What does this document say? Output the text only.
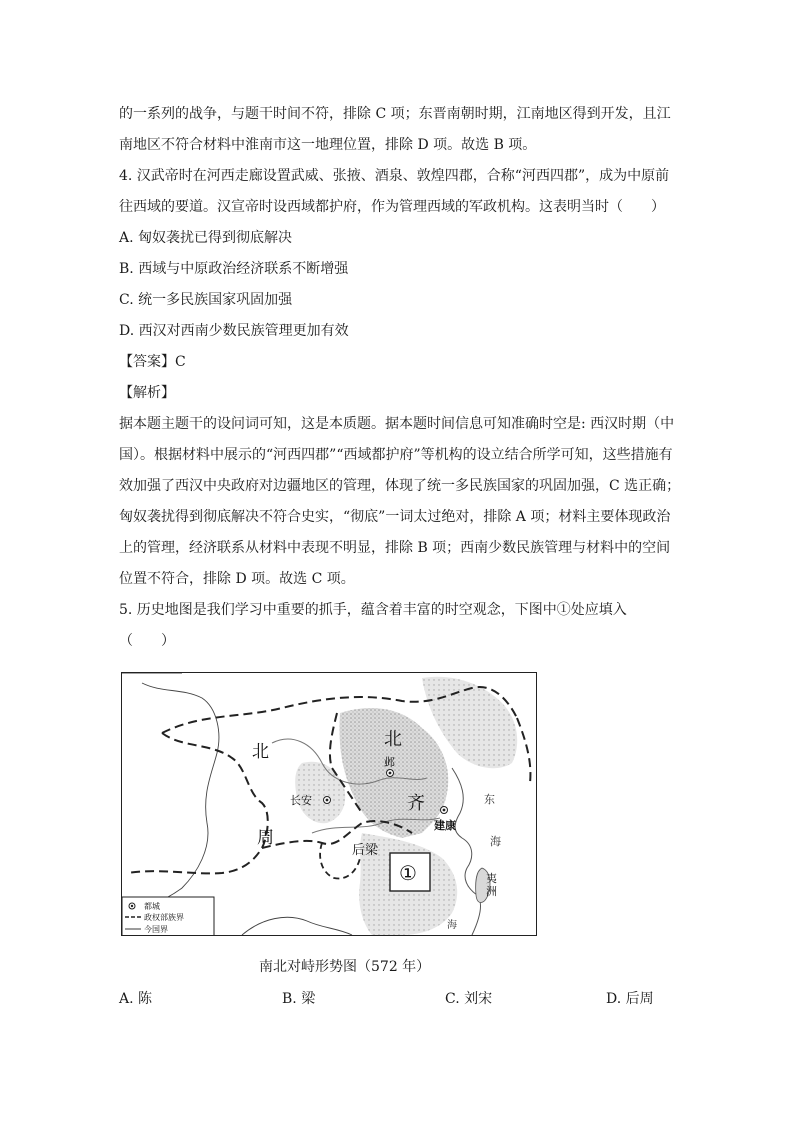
的一系列的战争，与题干时间不符，排除 C 项；东晋南朝时期，江南地区得到开发，且江
南地区不符合材料中淮南市这一地理位置，排除 D 项。故选 B 项。
4. 汉武帝时在河西走廊设置武威、张掖、酒泉、敦煌四郡，合称“河西四郡”，成为中原前
往西域的要道。汉宣帝时设西域都护府，作为管理西域的军政机构。这表明当时（　　）
A. 匈奴袭扰已得到彻底解决
B. 西域与中原政治经济联系不断增强
C. 统一多民族国家巩固加强
D. 西汉对西南少数民族管理更加有效
【答案】C
【解析】
据本题主题干的设问词可知，这是本质题。据本题时间信息可知准确时空是: 西汉时期（中
国）。根据材料中展示的“河西四郡”“西域都护府”等机构的设立结合所学可知，这些措施有
效加强了西汉中央政府对边疆地区的管理，体现了统一多民族国家的巩固加强，C 选正确；
匈奴袭扰得到彻底解决不符合史实，“彻底”一词太过绝对，排除 A 项；材料主要体现政治
上的管理，经济联系从材料中表现不明显，排除 B 项；西南少数民族管理与材料中的空间
位置不符合，排除 D 项。故选 C 项。
5. 历史地图是我们学习中重要的抓手，蕴含着丰富的时空观念，下图中①处应填入
（　　）
北
周
北
齐
邺
长安
建康
后梁
①
东
海
夷
洲
海
都城
政权部族界
今国界
南北对峙形势图（572 年）
A. 陈	B. 梁	C. 刘宋	D. 后周
